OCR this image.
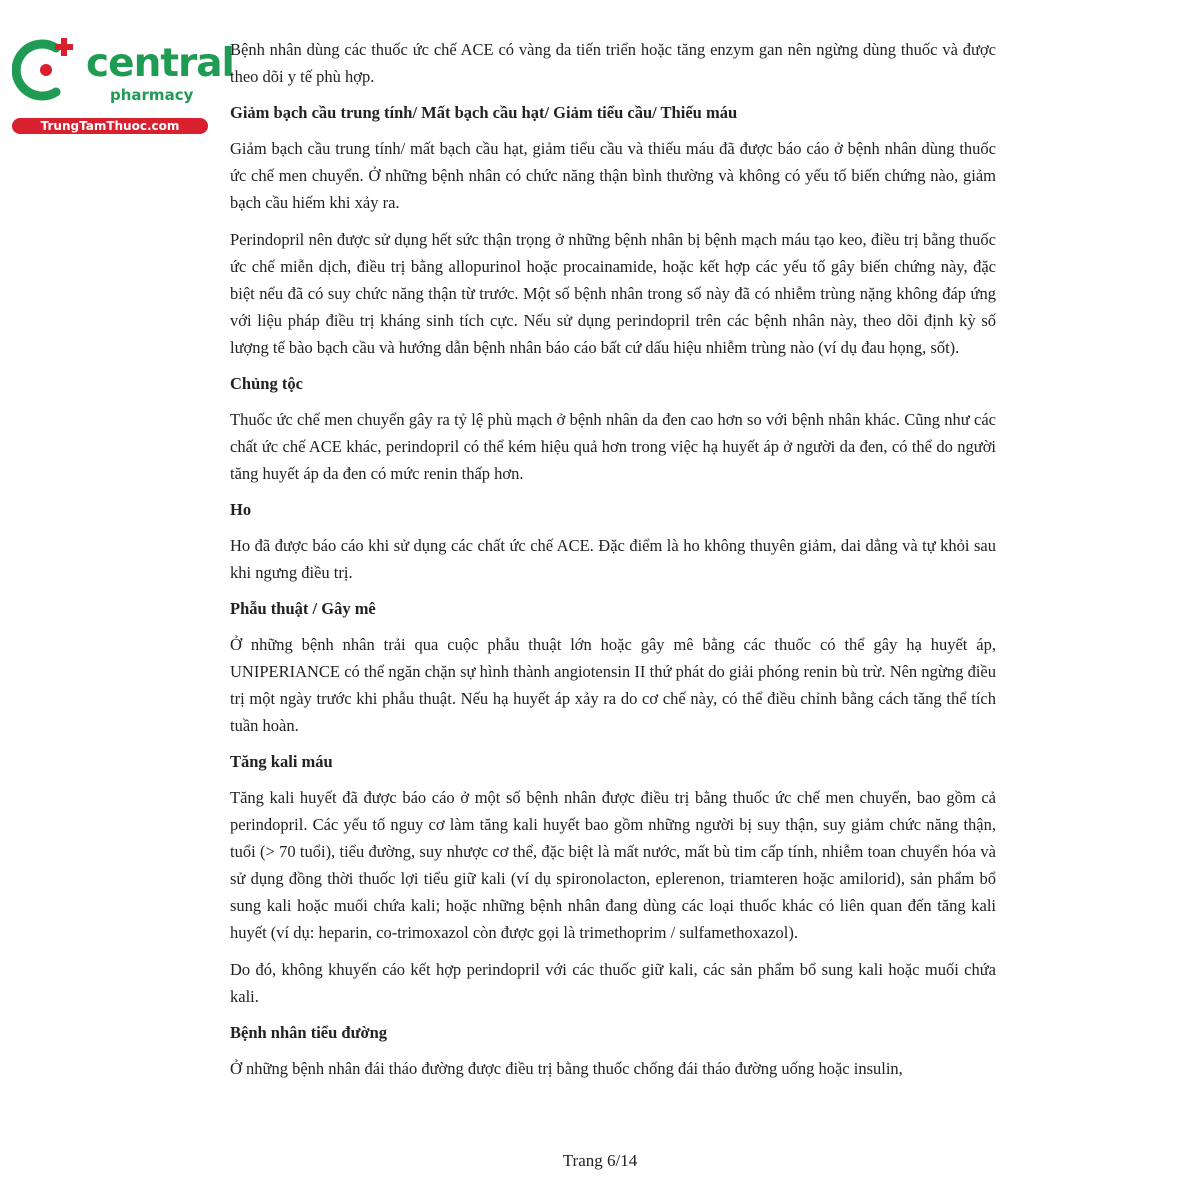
central
pharmacy
TrungTamThuoc.com
Bệnh nhân dùng các thuốc ức chế ACE có vàng da tiến triển hoặc tăng enzym gan nên ngừng dùng thuốc và được theo dõi y tế phù hợp.
Giảm bạch cầu trung tính/ Mất bạch cầu hạt/ Giảm tiểu cầu/ Thiếu máu
Giảm bạch cầu trung tính/ mất bạch cầu hạt, giảm tiểu cầu và thiếu máu đã được báo cáo ở bệnh nhân dùng thuốc ức chế men chuyển. Ở những bệnh nhân có chức năng thận bình thường và không có yếu tố biến chứng nào, giảm bạch cầu hiếm khi xảy ra.
Perindopril nên được sử dụng hết sức thận trọng ở những bệnh nhân bị bệnh mạch máu tạo keo, điều trị bằng thuốc ức chế miễn dịch, điều trị bằng allopurinol hoặc procainamide, hoặc kết hợp các yếu tố gây biến chứng này, đặc biệt nếu đã có suy chức năng thận từ trước. Một số bệnh nhân trong số này đã có nhiễm trùng nặng không đáp ứng với liệu pháp điều trị kháng sinh tích cực. Nếu sử dụng perindopril trên các bệnh nhân này, theo dõi định kỳ số lượng tế bào bạch cầu và hướng dẫn bệnh nhân báo cáo bất cứ dấu hiệu nhiễm trùng nào (ví dụ đau họng, sốt).
Chủng tộc
Thuốc ức chế men chuyển gây ra tỷ lệ phù mạch ở bệnh nhân da đen cao hơn so với bệnh nhân khác. Cũng như các chất ức chế ACE khác, perindopril có thể kém hiệu quả hơn trong việc hạ huyết áp ở người da đen, có thể do người tăng huyết áp da đen có mức renin thấp hơn.
Ho
Ho đã được báo cáo khi sử dụng các chất ức chế ACE. Đặc điểm là ho không thuyên giảm, dai dẳng và tự khỏi sau khi ngưng điều trị.
Phẫu thuật / Gây mê
Ở những bệnh nhân trải qua cuộc phẫu thuật lớn hoặc gây mê bằng các thuốc có thể gây hạ huyết áp, UNIPERIANCE có thể ngăn chặn sự hình thành angiotensin II thứ phát do giải phóng renin bù trừ. Nên ngừng điều trị một ngày trước khi phẫu thuật. Nếu hạ huyết áp xảy ra do cơ chế này, có thể điều chỉnh bằng cách tăng thể tích tuần hoàn.
Tăng kali máu
Tăng kali huyết đã được báo cáo ở một số bệnh nhân được điều trị bằng thuốc ức chế men chuyển, bao gồm cả perindopril. Các yếu tố nguy cơ làm tăng kali huyết bao gồm những người bị suy thận, suy giảm chức năng thận, tuổi (> 70 tuổi), tiểu đường, suy nhược cơ thể, đặc biệt là mất nước, mất bù tim cấp tính, nhiễm toan chuyển hóa và sử dụng đồng thời thuốc lợi tiểu giữ kali (ví dụ spironolacton, eplerenon, triamteren hoặc amilorid), sản phẩm bổ sung kali hoặc muối chứa kali; hoặc những bệnh nhân đang dùng các loại thuốc khác có liên quan đến tăng kali huyết (ví dụ: heparin, co-trimoxazol còn được gọi là trimethoprim / sulfamethoxazol).
Do đó, không khuyến cáo kết hợp perindopril với các thuốc giữ kali, các sản phẩm bổ sung kali hoặc muối chứa kali.
Bệnh nhân tiểu đường
Ở những bệnh nhân đái tháo đường được điều trị bằng thuốc chống đái tháo đường uống hoặc insulin,
Trang 6/14
